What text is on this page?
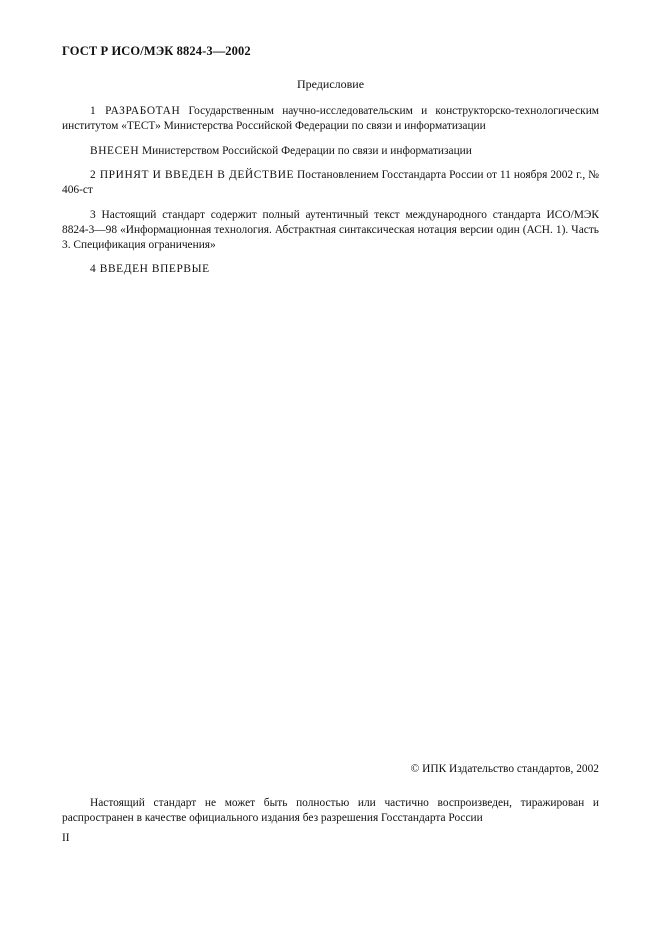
ГОСТ Р ИСО/МЭК 8824-3—2002
Предисловие

1 РАЗРАБОТАН Государственным научно-исследовательским и конструкторско-технологическим институтом «ТЕСТ» Министерства Российской Федерации по связи и информатизации

ВНЕСЕН Министерством Российской Федерации по связи и информатизации

2 ПРИНЯТ И ВВЕДЕН В ДЕЙСТВИЕ Постановлением Госстандарта России от 11 ноября 2002 г., № 406-ст

3 Настоящий стандарт содержит полный аутентичный текст международного стандарта ИСО/МЭК 8824-3—98 «Информационная технология. Абстрактная синтаксическая нотация версии один (АСН. 1). Часть 3. Спецификация ограничения»

4 ВВЕДЕН ВПЕРВЫЕ

© ИПК Издательство стандартов, 2002

Настоящий стандарт не может быть полностью или частично воспроизведен, тиражирован и распространен в качестве официального издания без разрешения Госстандарта России

II
